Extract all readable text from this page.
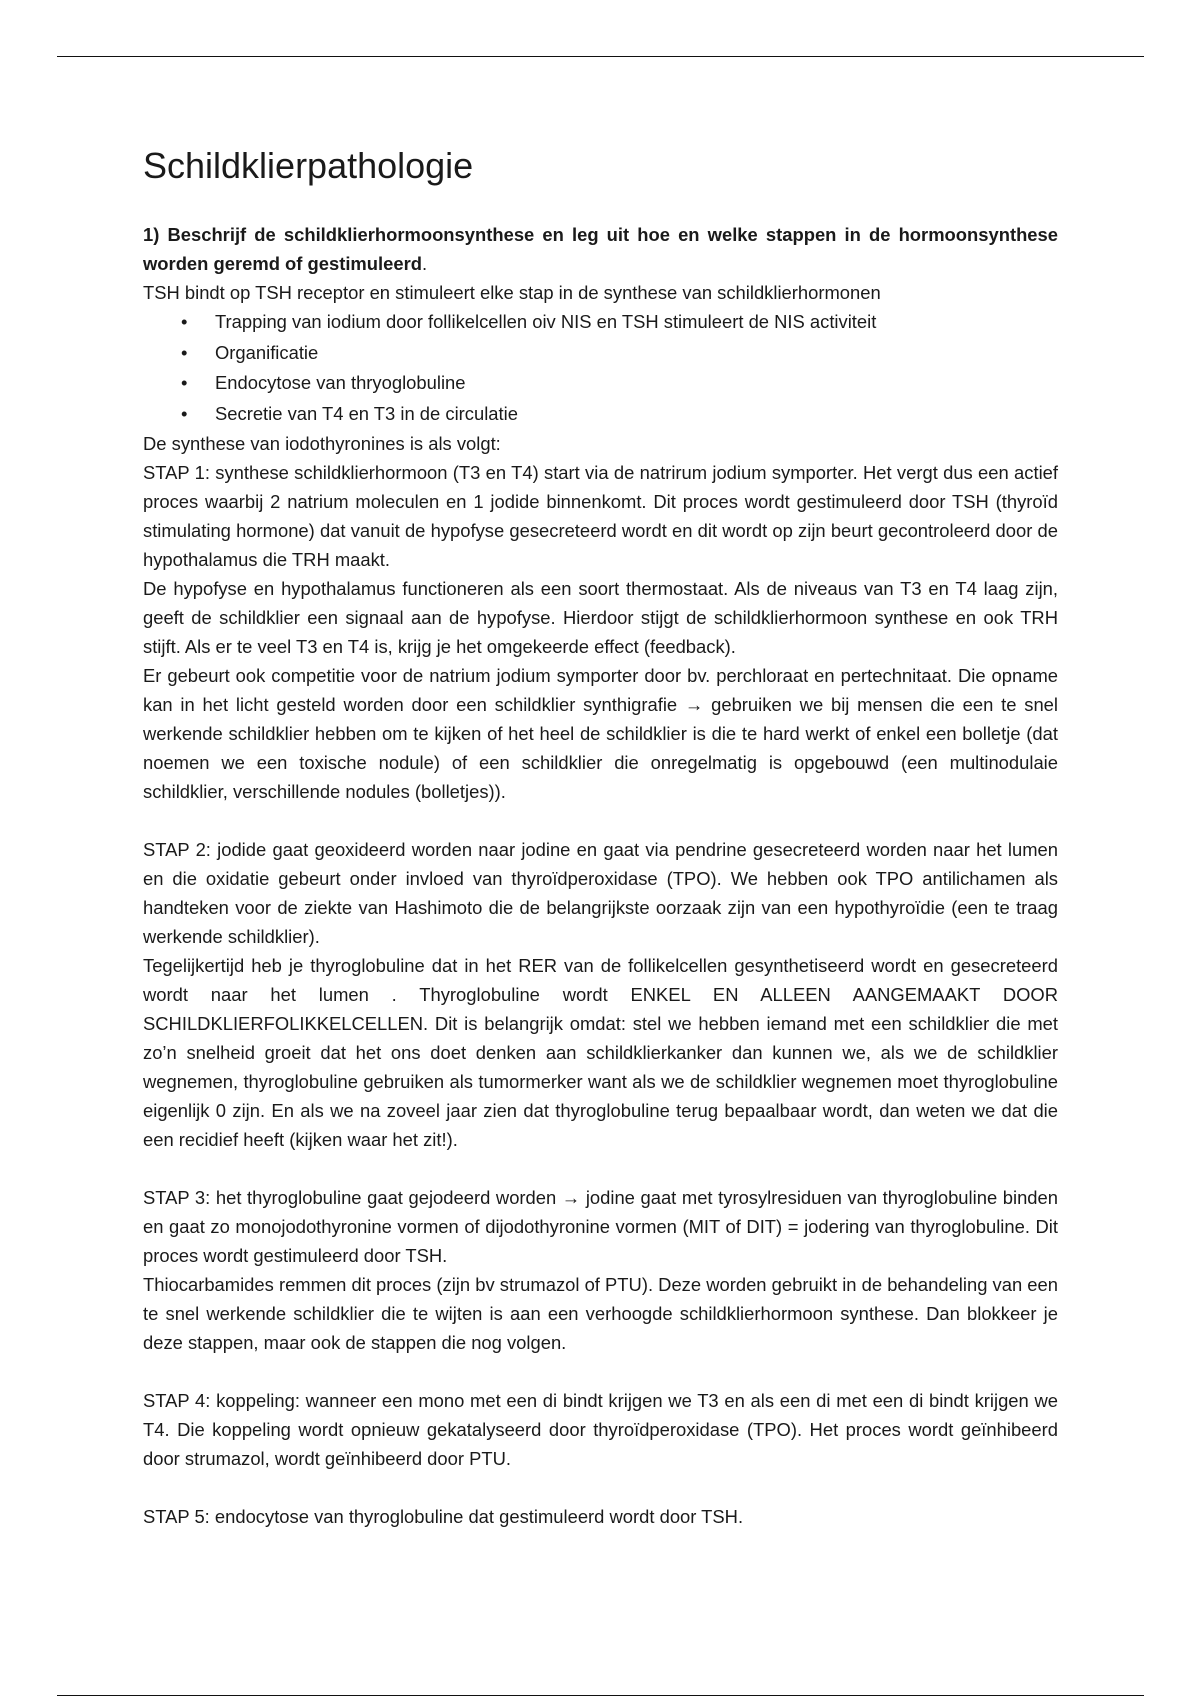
Schildklierpathologie

1) Beschrijf de schildklierhormoonsynthese en leg uit hoe en welke stappen in de hormoonsynthese worden geremd of gestimuleerd.

TSH bindt op TSH receptor en stimuleert elke stap in de synthese van schildklierhormonen

• Trapping van iodium door follikelcellen oiv NIS en TSH stimuleert de NIS activiteit
• Organificatie
• Endocytose van thryoglobuline
• Secretie van T4 en T3 in de circulatie

De synthese van iodothyronines is als volgt:

STAP 1: synthese schildklierhormoon (T3 en T4) start via de natrirum jodium symporter. Het vergt dus een actief proces waarbij 2 natrium moleculen en 1 jodide binnenkomt. Dit proces wordt gestimuleerd door TSH (thyroïd stimulating hormone) dat vanuit de hypofyse gesecreteerd wordt en dit wordt op zijn beurt gecontroleerd door de hypothalamus die TRH maakt.

De hypofyse en hypothalamus functioneren als een soort thermostaat. Als de niveaus van T3 en T4 laag zijn, geeft de schildklier een signaal aan de hypofyse. Hierdoor stijgt de schildklierhormoon synthese en ook TRH stijft. Als er te veel T3 en T4 is, krijg je het omgekeerde effect (feedback).

Er gebeurt ook competitie voor de natrium jodium symporter door bv. perchloraat en pertechnitaat. Die opname kan in het licht gesteld worden door een schildklier synthigrafie → gebruiken we bij mensen die een te snel werkende schildklier hebben om te kijken of het heel de schildklier is die te hard werkt of enkel een bolletje (dat noemen we een toxische nodule) of een schildklier die onregelmatig is opgebouwd (een multinodulaie schildklier, verschillende nodules (bolletjes)).

STAP 2: jodide gaat geoxideerd worden naar jodine en gaat via pendrine gesecreteerd worden naar het lumen en die oxidatie gebeurt onder invloed van thyroïdperoxidase (TPO). We hebben ook TPO antilichamen als handteken voor de ziekte van Hashimoto die de belangrijkste oorzaak zijn van een hypothyroïdie (een te traag werkende schildklier).

Tegelijkertijd heb je thyroglobuline dat in het RER van de follikelcellen gesynthetiseerd wordt en gesecreteerd wordt naar het lumen . Thyroglobuline wordt ENKEL EN ALLEEN AANGEMAAKT DOOR SCHILDKLIERFOLIKKELCELLEN. Dit is belangrijk omdat: stel we hebben iemand met een schildklier die met zo’n snelheid groeit dat het ons doet denken aan schildklierkanker dan kunnen we, als we de schildklier wegnemen, thyroglobuline gebruiken als tumormerker want als we de schildklier wegnemen moet thyroglobuline eigenlijk 0 zijn. En als we na zoveel jaar zien dat thyroglobuline terug bepaalbaar wordt, dan weten we dat die een recidief heeft (kijken waar het zit!).

STAP 3: het thyroglobuline gaat gejodeerd worden → jodine gaat met tyrosylresiduen van thyroglobuline binden en gaat zo monojodothyronine vormen of dijodothyronine vormen (MIT of DIT) = jodering van thyroglobuline. Dit proces wordt gestimuleerd door TSH.

Thiocarbamides remmen dit proces (zijn bv strumazol of PTU). Deze worden gebruikt in de behandeling van een te snel werkende schildklier die te wijten is aan een verhoogde schildklierhormoon synthese. Dan blokkeer je deze stappen, maar ook de stappen die nog volgen.

STAP 4: koppeling: wanneer een mono met een di bindt krijgen we T3 en als een di met een di bindt krijgen we T4. Die koppeling wordt opnieuw gekatalyseerd door thyroïdperoxidase (TPO). Het proces wordt geïnhibeerd door strumazol, wordt geïnhibeerd door PTU.

STAP 5: endocytose van thyroglobuline dat gestimuleerd wordt door TSH.
